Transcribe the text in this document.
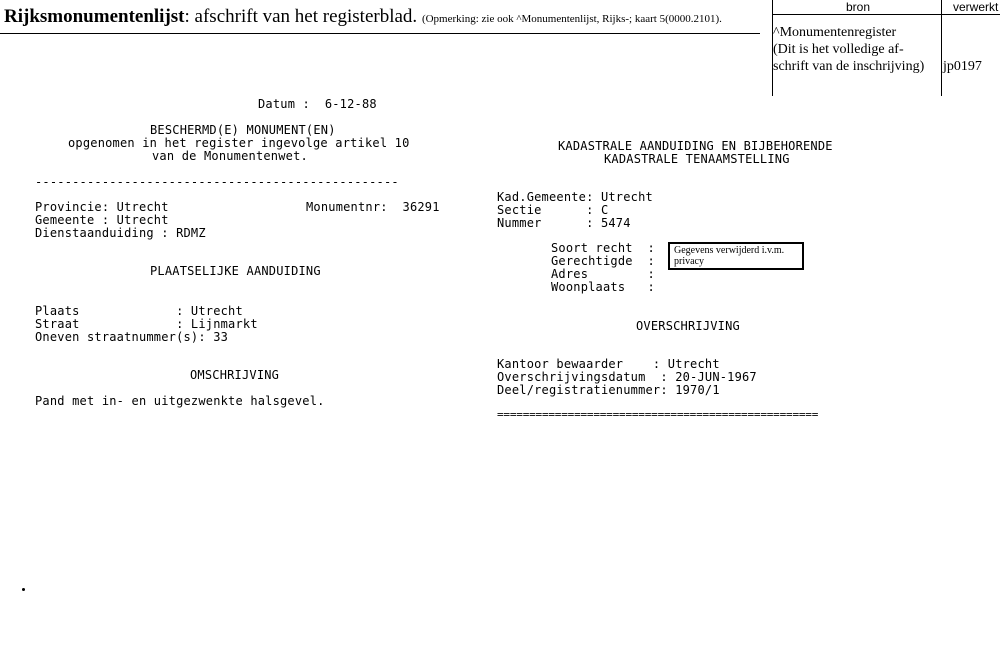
Rijksmonumentenlijst: afschrift van het registerblad. (Opmerking: zie ook ^Monumentenlijst, Rijks-; kaart 5(0000.2101).
bron	verwerkt
^Monumentenregister
(Dit is het volledige af-
schrift van de inschrijving) jp0197
Datum :  6-12-88
BESCHERMD(E) MONUMENT(EN)
opgenomen in het register ingevolge artikel 10
van de Monumentenwet.
-------------------------------------------------
Provincie: Utrecht	Monumentnr:  36291
Gemeente : Utrecht
Dienstaanduiding : RDMZ
PLAATSELIJKE AANDUIDING
Plaats             : Utrecht
Straat             : Lijnmarkt
Oneven straatnummer(s): 33
OMSCHRIJVING
Pand met in- en uitgezwenkte halsgevel.
KADASTRALE AANDUIDING EN BIJBEHORENDE
KADASTRALE TENAAMSTELLING
Kad.Gemeente: Utrecht
Sectie      : C
Nummer      : 5474
Soort recht  :
Gerechtigde  :
Adres        :
Woonplaats   :
Gegevens verwijderd i.v.m. privacy
OVERSCHRIJVING
Kantoor bewaarder    : Utrecht
Overschrijvingsdatum  : 20-JUN-1967
Deel/registratienummer: 1970/1
==================================================
